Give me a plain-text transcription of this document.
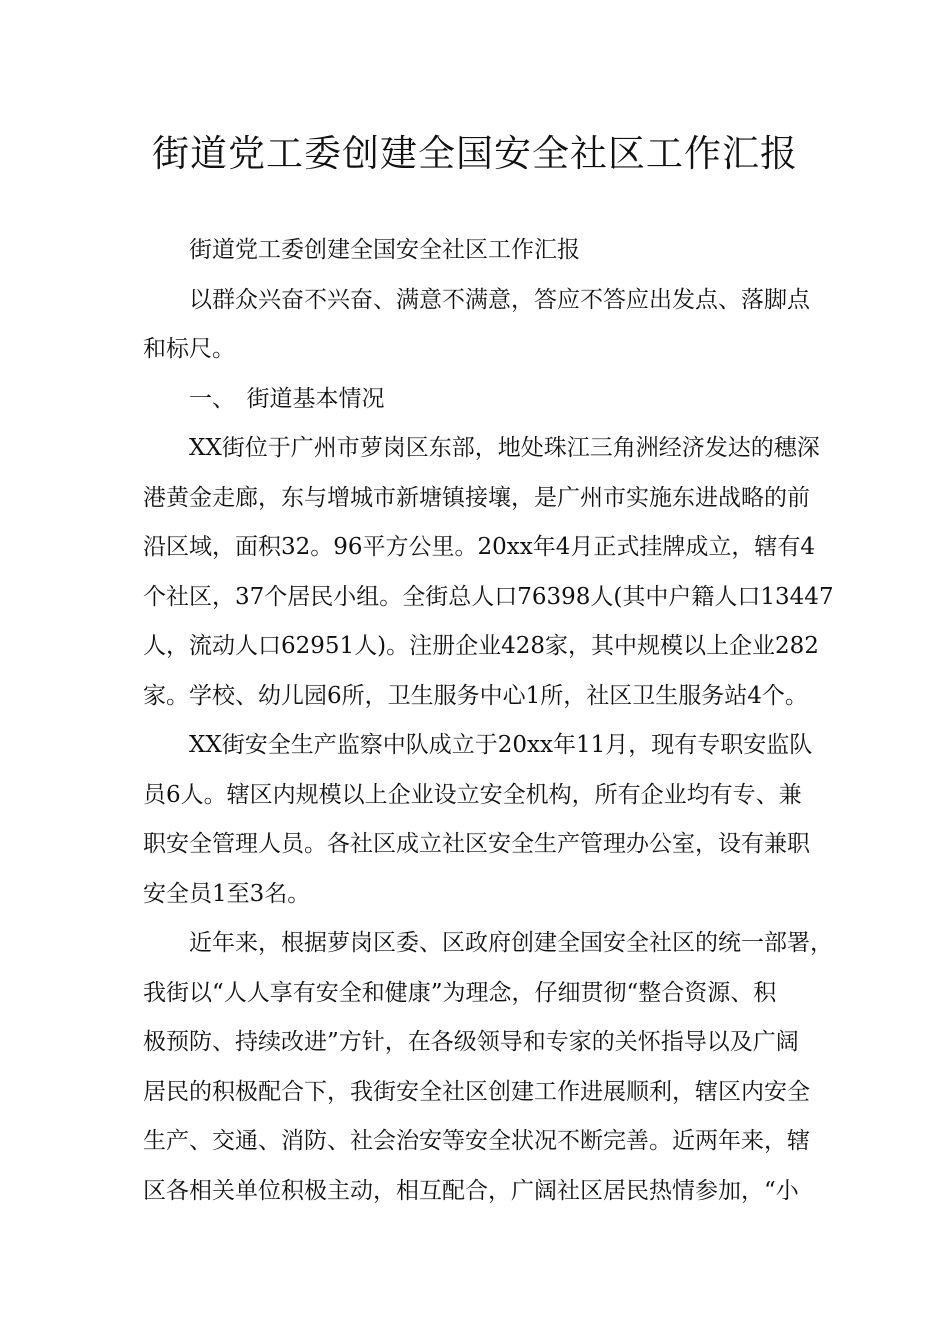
街道党工委创建全国安全社区工作汇报
街道党工委创建全国安全社区工作汇报
以群众兴奋不兴奋、满意不满意，答应不答应出发点、落脚点
和标尺。
一、　街道基本情况
XX街位于广州市萝岗区东部，地处珠江三角洲经济发达的穗深
港黄金走廊，东与增城市新塘镇接壤，是广州市实施东进战略的前
沿区域，面积32。96平方公里。20xx年4月正式挂牌成立，辖有4
个社区，37个居民小组。全街总人口76398人(其中户籍人口13447
人，流动人口62951人)。注册企业428家，其中规模以上企业282
家。学校、幼儿园6所，卫生服务中心1所，社区卫生服务站4个。
XX街安全生产监察中队成立于20xx年11月，现有专职安监队
员6人。辖区内规模以上企业设立安全机构，所有企业均有专、兼
职安全管理人员。各社区成立社区安全生产管理办公室，设有兼职
安全员1至3名。
近年来，根据萝岗区委、区政府创建全国安全社区的统一部署，
我街以“人人享有安全和健康”为理念，仔细贯彻“整合资源、积
极预防、持续改进”方针，在各级领导和专家的关怀指导以及广阔
居民的积极配合下，我街安全社区创建工作进展顺利，辖区内安全
生产、交通、消防、社会治安等安全状况不断完善。近两年来，辖
区各相关单位积极主动，相互配合，广阔社区居民热情参加，“小
